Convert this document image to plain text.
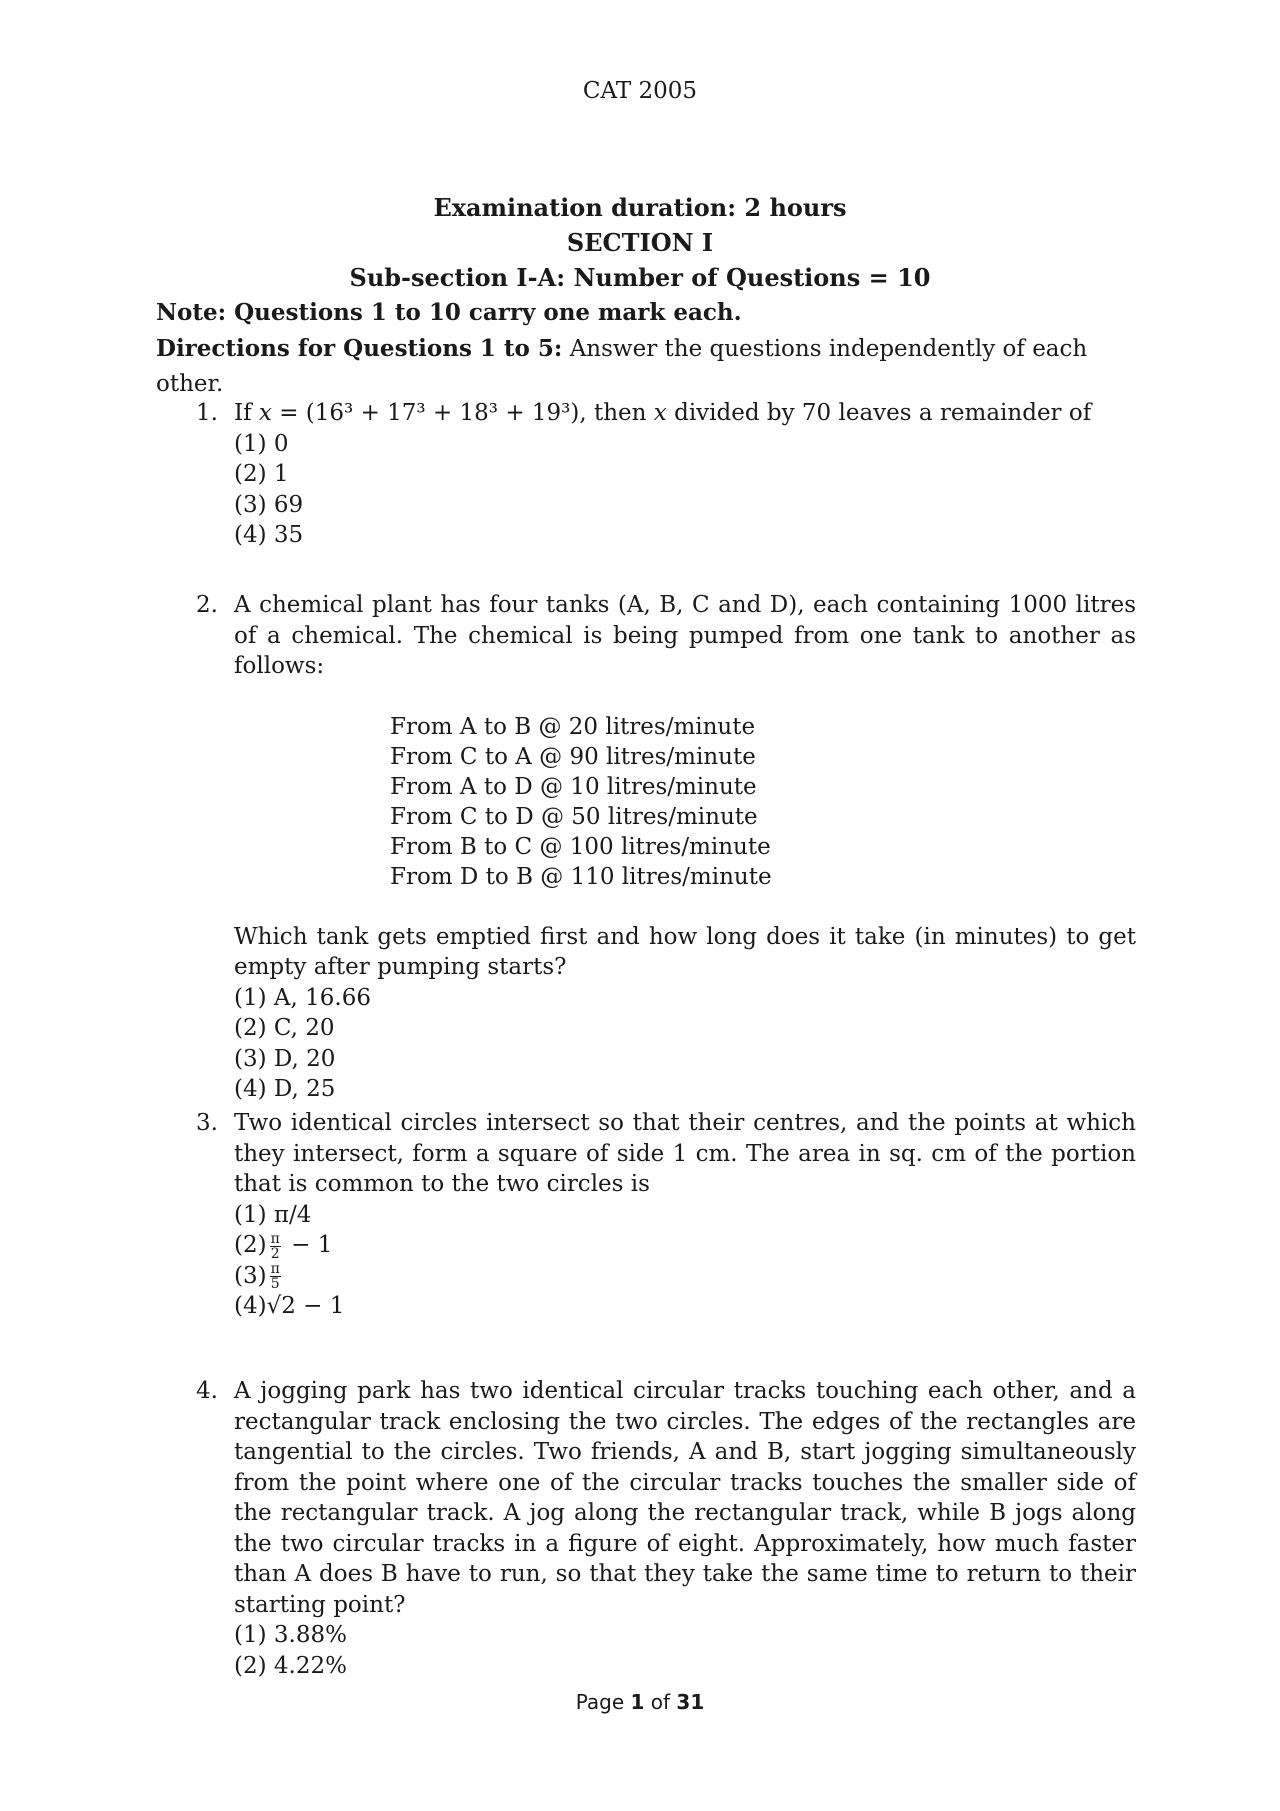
CAT 2005
Examination duration: 2 hours
SECTION I
Sub-section I-A: Number of Questions = 10
Note: Questions 1 to 10 carry one mark each.
Directions for Questions 1 to 5: Answer the questions independently of each other.
1. If x = (16³ + 17³ + 18³ + 19³), then x divided by 70 leaves a remainder of
(1) 0
(2) 1
(3) 69
(4) 35
2. A chemical plant has four tanks (A, B, C and D), each containing 1000 litres of a chemical. The chemical is being pumped from one tank to another as follows:
From A to B @ 20 litres/minute
From C to A @ 90 litres/minute
From A to D @ 10 litres/minute
From C to D @ 50 litres/minute
From B to C @ 100 litres/minute
From D to B @ 110 litres/minute
Which tank gets emptied first and how long does it take (in minutes) to get empty after pumping starts?
(1) A, 16.66
(2) C, 20
(3) D, 20
(4) D, 25
3. Two identical circles intersect so that their centres, and the points at which they intersect, form a square of side 1 cm. The area in sq. cm of the portion that is common to the two circles is
(1) π/4
$(2) \frac{\pi}{2} - 1$
$(3) \frac{\pi}{5}$
(4)√2 − 1
4. A jogging park has two identical circular tracks touching each other, and a rectangular track enclosing the two circles. The edges of the rectangles are tangential to the circles. Two friends, A and B, start jogging simultaneously from the point where one of the circular tracks touches the smaller side of the rectangular track. A jog along the rectangular track, while B jogs along the two circular tracks in a figure of eight. Approximately, how much faster than A does B have to run, so that they take the same time to return to their starting point?
(1) 3.88%
(2) 4.22%
Page 1 of 31
